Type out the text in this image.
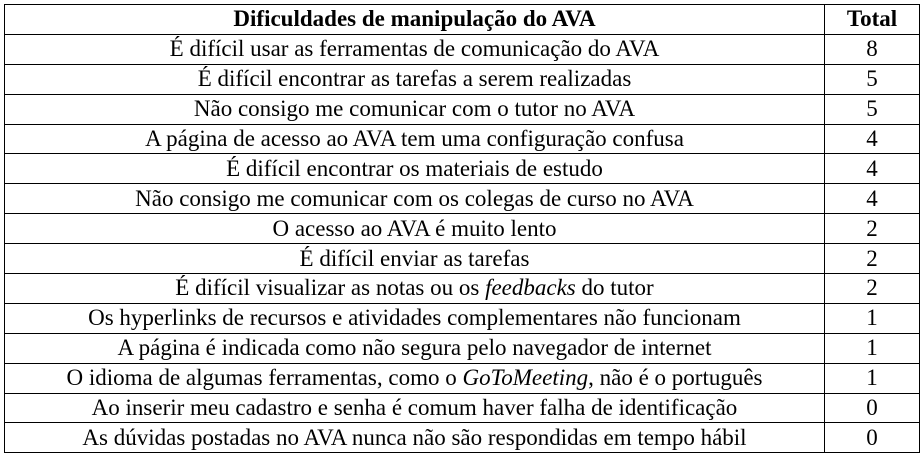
Dificuldades de manipulação do AVA	Total
É difícil usar as ferramentas de comunicação do AVA	8
É difícil encontrar as tarefas a serem realizadas	5
Não consigo me comunicar com o tutor no AVA	5
A página de acesso ao AVA tem uma configuração confusa	4
É difícil encontrar os materiais de estudo	4
Não consigo me comunicar com os colegas de curso no AVA	4
O acesso ao AVA é muito lento	2
É difícil enviar as tarefas	2
É difícil visualizar as notas ou os feedbacks do tutor	2
Os hyperlinks de recursos e atividades complementares não funcionam	1
A página é indicada como não segura pelo navegador de internet	1
O idioma de algumas ferramentas, como o GoToMeeting, não é o português	1
Ao inserir meu cadastro e senha é comum haver falha de identificação	0
As dúvidas postadas no AVA nunca não são respondidas em tempo hábil	0
